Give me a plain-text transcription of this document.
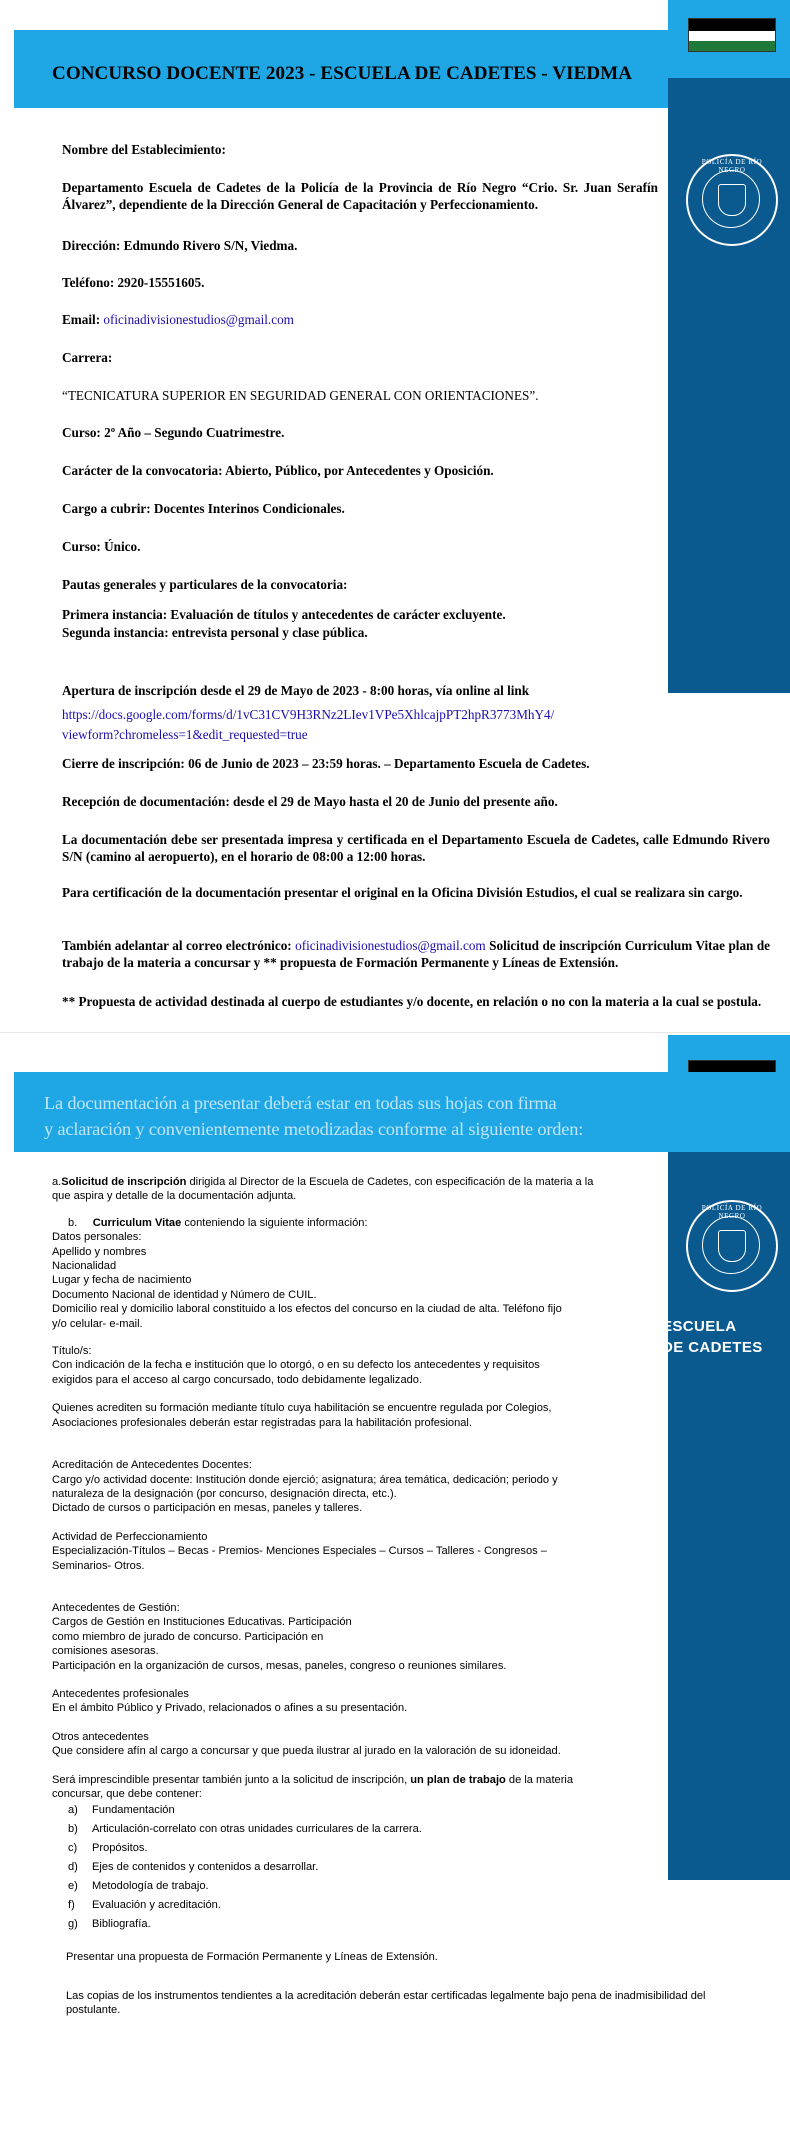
CONCURSO DOCENTE 2023 - ESCUELA DE CADETES - VIEDMA
POLICÍA DE RÍO NEGRO
Nombre del Establecimiento:
Departamento Escuela de Cadetes de la Policía de la Provincia de Río Negro “Crio. Sr. Juan Serafín Álvarez”, dependiente de la Dirección General de Capacitación y Perfeccionamiento.
Dirección: Edmundo Rivero S/N, Viedma.
Teléfono: 2920-15551605.
Email: oficinadivisionestudios@gmail.com
Carrera:
“TECNICATURA SUPERIOR EN SEGURIDAD GENERAL CON ORIENTACIONES”.
Curso: 2º Año – Segundo Cuatrimestre.
Carácter de la convocatoria: Abierto, Público, por Antecedentes y Oposición.
Cargo a cubrir: Docentes Interinos Condicionales.
Curso: Único.
Pautas generales y particulares de la convocatoria:
Primera instancia: Evaluación de títulos y antecedentes de carácter excluyente.
Segunda instancia: entrevista personal y clase pública.
Apertura de inscripción desde el 29 de Mayo de 2023 - 8:00 horas, vía online al link
https://docs.google.com/forms/d/1vC31CV9H3RNz2LIev1VPe5XhlcajpPT2hpR3773MhY4/
viewform?chromeless=1&edit_requested=true
Cierre de inscripción: 06 de Junio de 2023 – 23:59 horas. – Departamento Escuela de Cadetes.
Recepción de documentación: desde el 29 de Mayo hasta el 20 de Junio del presente año.
La documentación debe ser presentada impresa y certificada en el Departamento Escuela de Cadetes, calle Edmundo Rivero S/N (camino al aeropuerto), en el horario de 08:00 a 12:00 horas.
Para certificación de la documentación presentar el original en la Oficina División Estudios, el cual se realizara sin cargo.
También adelantar al correo electrónico: oficinadivisionestudios@gmail.com Solicitud de inscripción Curriculum Vitae plan de trabajo de la materia a concursar y ** propuesta de Formación Permanente y Líneas de Extensión.
** Propuesta de actividad destinada al cuerpo de estudiantes y/o docente, en relación o no con la materia a la cual se postula.
La documentación a presentar deberá estar en todas sus hojas con firma
y aclaración y convenientemente metodizadas conforme al siguiente orden:
POLICÍA DE RÍO NEGRO
ESCUELA
DE CADETES
a.Solicitud de inscripción dirigida al Director de la Escuela de Cadetes, con especificación de la materia a la
que aspira y detalle de la documentación adjunta.
b. Curriculum Vitae conteniendo la siguiente información:
Datos personales:
Apellido y nombres
Nacionalidad
Lugar y fecha de nacimiento
Documento Nacional de identidad y Número de CUIL.
Domicilio real y domicilio laboral constituido a los efectos del concurso en la ciudad de alta. Teléfono fijo
y/o celular- e-mail.
Título/s:
Con indicación de la fecha e institución que lo otorgó, o en su defecto los antecedentes y requisitos
exigidos para el acceso al cargo concursado, todo debidamente legalizado.
Quienes acrediten su formación mediante título cuya habilitación se encuentre regulada por Colegios,
Asociaciones profesionales deberán estar registradas para la habilitación profesional.
Acreditación de Antecedentes Docentes:
Cargo y/o actividad docente: Institución donde ejerció; asignatura; área temática, dedicación; periodo y
naturaleza de la designación (por concurso, designación directa, etc.).
Dictado de cursos o participación en mesas, paneles y talleres.
Actividad de Perfeccionamiento
Especialización-Títulos – Becas - Premios- Menciones Especiales – Cursos – Talleres - Congresos –
Seminarios- Otros.
Antecedentes de Gestión:
Cargos de Gestión en Instituciones Educativas. Participación
como miembro de jurado de concurso. Participación en
comisiones asesoras.
Participación en la organización de cursos, mesas, paneles, congreso o reuniones similares.
Antecedentes profesionales
En el ámbito Público y Privado, relacionados o afines a su presentación.
Otros antecedentes
Que considere afín al cargo a concursar y que pueda ilustrar al jurado en la valoración de su idoneidad.
Será imprescindible presentar también junto a la solicitud de inscripción, un plan de trabajo de la materia
concursar, que debe contener:
a) Fundamentación
b) Articulación-correlato con otras unidades curriculares de la carrera.
c) Propósitos.
d) Ejes de contenidos y contenidos a desarrollar.
e) Metodología de trabajo.
f) Evaluación y acreditación.
g) Bibliografía.
Presentar una propuesta de Formación Permanente y Líneas de Extensión.
Las copias de los instrumentos tendientes a la acreditación deberán estar certificadas legalmente bajo pena de inadmisibilidad del
postulante.
